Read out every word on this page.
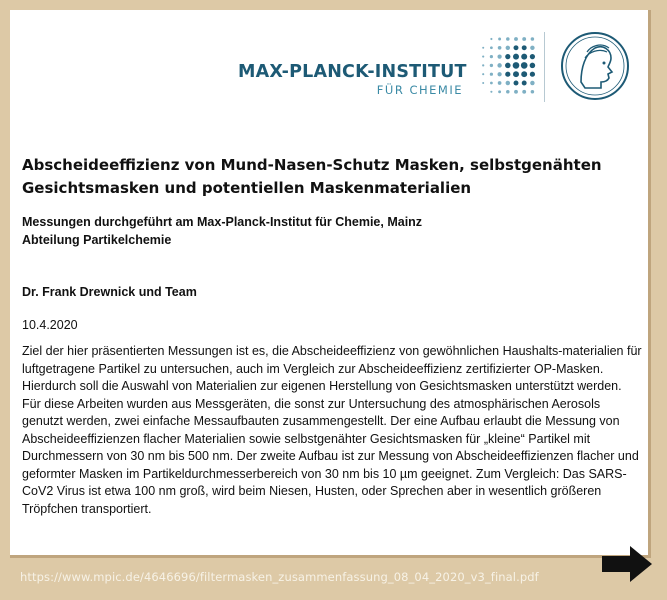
MAX-PLANCK-INSTITUT
FÜR CHEMIE
Abscheideeffizienz von Mund-Nasen-Schutz Masken, selbstgenähten Gesichtsmasken und potentiellen Maskenmaterialien
Messungen durchgeführt am Max-Planck-Institut für Chemie, Mainz
Abteilung Partikelchemie
Dr. Frank Drewnick und Team
10.4.2020
Ziel der hier präsentierten Messungen ist es, die Abscheideeffizienz von gewöhnlichen Haushalts-materialien für luftgetragene Partikel zu untersuchen, auch im Vergleich zur Abscheideeffizienz zertifizierter OP-Masken. Hierdurch soll die Auswahl von Materialien zur eigenen Herstellung von Gesichtsmasken unterstützt werden. Für diese Arbeiten wurden aus Messgeräten, die sonst zur Untersuchung des atmosphärischen Aerosols genutzt werden, zwei einfache Messaufbauten zusammengestellt. Der eine Aufbau erlaubt die Messung von Abscheideeffizienzen flacher Materialien sowie selbstgenähter Gesichtsmasken für „kleine“ Partikel mit Durchmessern von 30 nm bis 500 nm. Der zweite Aufbau ist zur Messung von Abscheideeffizienzen flacher und geformter Masken im Partikeldurchmesserbereich von 30 nm bis 10 µm geeignet. Zum Vergleich: Das SARS-CoV2 Virus ist etwa 100 nm groß, wird beim Niesen, Husten, oder Sprechen aber in wesentlich größeren Tröpfchen transportiert.
https://www.mpic.de/4646696/filtermasken_zusammenfassung_08_04_2020_v3_final.pdf
